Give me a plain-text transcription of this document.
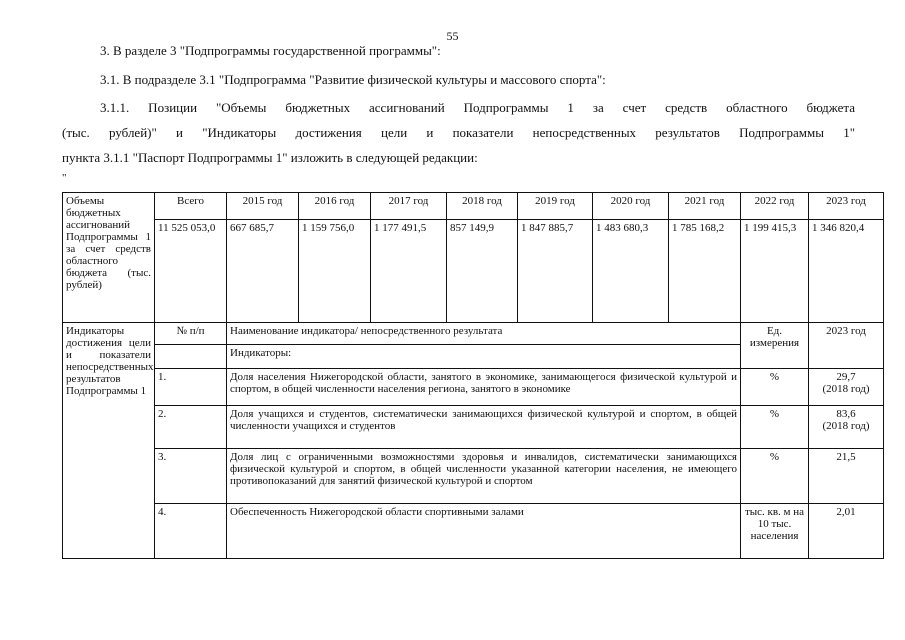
55
3. В разделе 3 "Подпрограммы государственной программы":
3.1. В подразделе 3.1 "Подпрограмма "Развитие физической культуры и массового спорта":
3.1.1. Позиции "Объемы бюджетных ассигнований Подпрограммы 1 за счет средств областного бюджета
(тыс. рублей)" и "Индикаторы достижения цели и показатели непосредственных результатов Подпрограммы 1"
пункта 3.1.1 "Паспорт Подпрограммы 1" изложить в следующей редакции:
"
Объемы бюджетных ассигнований Подпрограммы 1 за счет средств областного бюджета (тыс. рублей)	Всего	2015 год	2016 год	2017 год	2018 год	2019 год	2020 год	2021 год	2022 год	2023 год
	11 525 053,0	667 685,7	1 159 756,0	1 177 491,5	857 149,9	1 847 885,7	1 483 680,3	1 785 168,2	1 199 415,3	1 346 820,4
Индикаторы достижения цели и показатели непосредственных результатов Подпрограммы 1	№ п/п	Наименование индикатора/ непосредственного результата							Ед. измерения	2023 год
		Индикаторы:								
	1.	Доля населения Нижегородской области, занятого в экономике, занимающегося физической культурой и спортом, в общей численности населения региона, занятого в экономике							%	29,7
(2018 год)

	2.	Доля учащихся и студентов, систематически занимающихся физической культурой и спортом, в общей численности учащихся и студентов							%	83,6
(2018 год)

	3.	Доля лиц с ограниченными возможностями здоровья и инвалидов, систематически занимающихся физической культурой и спортом, в общей численности указанной категории населения, не имеющего противопоказаний для занятий физической культурой и спортом							%	21,5
	4.	Обеспеченность Нижегородской области спортивными залами							тыс. кв. м на 10 тыс. населения	2,01
